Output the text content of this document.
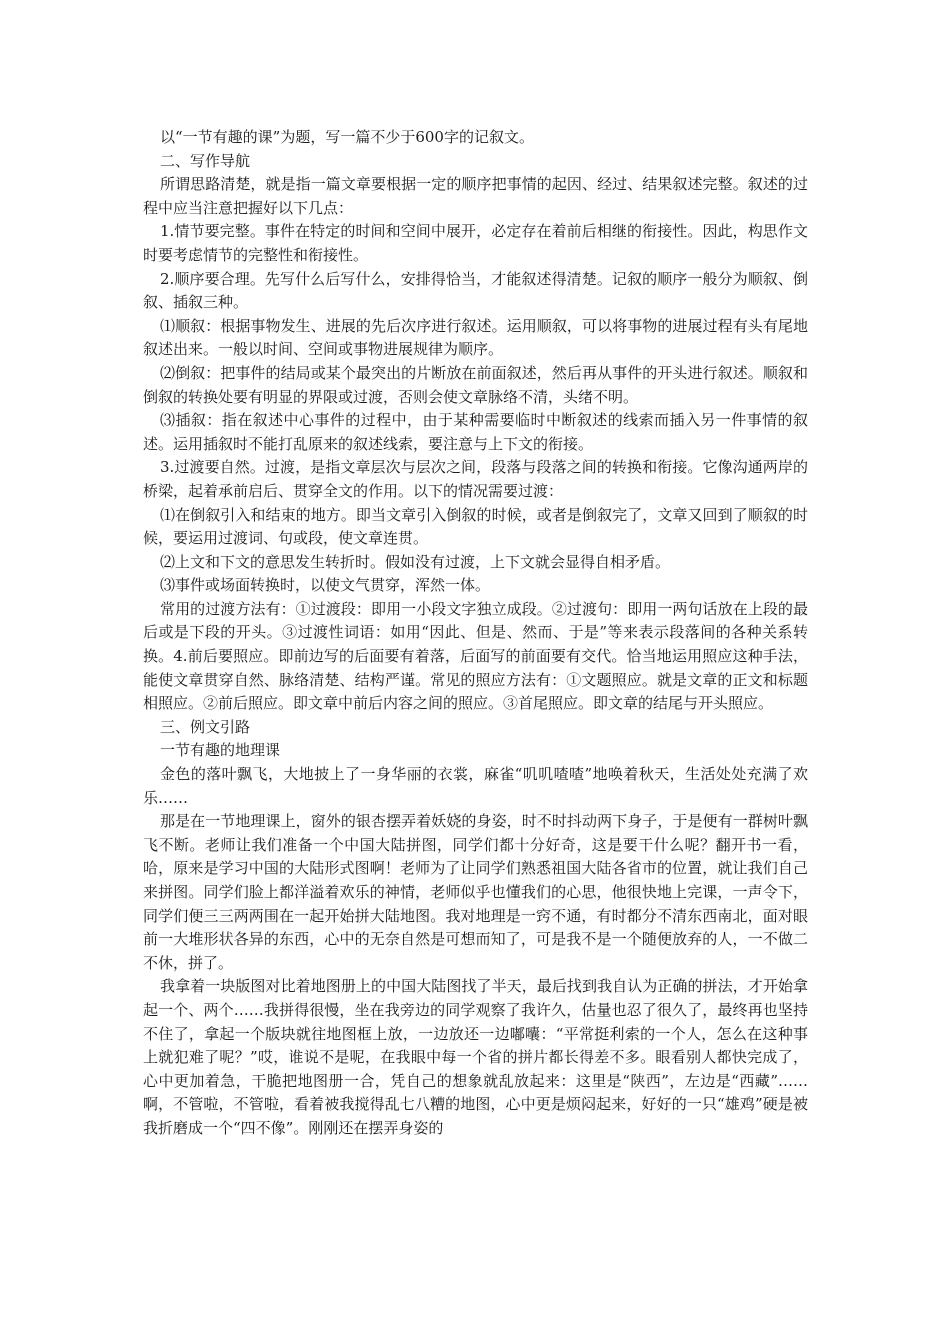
以“一节有趣的课”为题，写一篇不少于600字的记叙文。

二、写作导航

所谓思路清楚，就是指一篇文章要根据一定的顺序把事情的起因、经过、结果叙述完整。叙述的过程中应当注意把握好以下几点：

1.情节要完整。事件在特定的时间和空间中展开，必定存在着前后相继的衔接性。因此，构思作文时要考虑情节的完整性和衔接性。

2.顺序要合理。先写什么后写什么，安排得恰当，才能叙述得清楚。记叙的顺序一般分为顺叙、倒叙、插叙三种。

⑴顺叙：根据事物发生、进展的先后次序进行叙述。运用顺叙，可以将事物的进展过程有头有尾地叙述出来。一般以时间、空间或事物进展规律为顺序。

⑵倒叙：把事件的结局或某个最突出的片断放在前面叙述，然后再从事件的开头进行叙述。顺叙和倒叙的转换处要有明显的界限或过渡，否则会使文章脉络不清，头绪不明。

⑶插叙：指在叙述中心事件的过程中，由于某种需要临时中断叙述的线索而插入另一件事情的叙述。运用插叙时不能打乱原来的叙述线索，要注意与上下文的衔接。

3.过渡要自然。过渡，是指文章层次与层次之间，段落与段落之间的转换和衔接。它像沟通两岸的桥梁，起着承前启后、贯穿全文的作用。以下的情况需要过渡：

⑴在倒叙引入和结束的地方。即当文章引入倒叙的时候，或者是倒叙完了，文章又回到了顺叙的时候，要运用过渡词、句或段，使文章连贯。

⑵上文和下文的意思发生转折时。假如没有过渡，上下文就会显得自相矛盾。

⑶事件或场面转换时，以使文气贯穿，浑然一体。

常用的过渡方法有：①过渡段：即用一小段文字独立成段。②过渡句：即用一两句话放在上段的最后或是下段的开头。③过渡性词语：如用“因此、但是、然而、于是”等来表示段落间的各种关系转换。4.前后要照应。即前边写的后面要有着落，后面写的前面要有交代。恰当地运用照应这种手法，能使文章贯穿自然、脉络清楚、结构严谨。常见的照应方法有：①文题照应。就是文章的正文和标题相照应。②前后照应。即文章中前后内容之间的照应。③首尾照应。即文章的结尾与开头照应。

三、例文引路

一节有趣的地理课

金色的落叶飘飞，大地披上了一身华丽的衣裳，麻雀“叽叽喳喳”地唤着秋天，生活处处充满了欢乐……

那是在一节地理课上，窗外的银杏摆弄着妖娆的身姿，时不时抖动两下身子，于是便有一群树叶飘飞不断。老师让我们准备一个中国大陆拼图，同学们都十分好奇，这是要干什么呢？翻开书一看，哈，原来是学习中国的大陆形式图啊！老师为了让同学们熟悉祖国大陆各省市的位置，就让我们自己来拼图。同学们脸上都洋溢着欢乐的神情，老师似乎也懂我们的心思，他很快地上完课，一声令下，同学们便三三两两围在一起开始拼大陆地图。我对地理是一窍不通，有时都分不清东西南北，面对眼前一大堆形状各异的东西，心中的无奈自然是可想而知了，可是我不是一个随便放弃的人，一不做二不休，拼了。

我拿着一块版图对比着地图册上的中国大陆图找了半天，最后找到我自认为正确的拼法，才开始拿起一个、两个……我拼得很慢，坐在我旁边的同学观察了我许久，估量也忍了很久了，最终再也坚持不住了，拿起一个版块就往地图框上放，一边放还一边嘟囔：“平常挺利索的一个人，怎么在这种事上就犯难了呢？”哎，谁说不是呢，在我眼中每一个省的拼片都长得差不多。眼看别人都快完成了，心中更加着急，干脆把地图册一合，凭自己的想象就乱放起来：这里是“陕西”，左边是“西藏”……啊，不管啦，不管啦，看着被我搅得乱七八糟的地图，心中更是烦闷起来，好好的一只“雄鸡”硬是被我折磨成一个“四不像”。刚刚还在摆弄身姿的
